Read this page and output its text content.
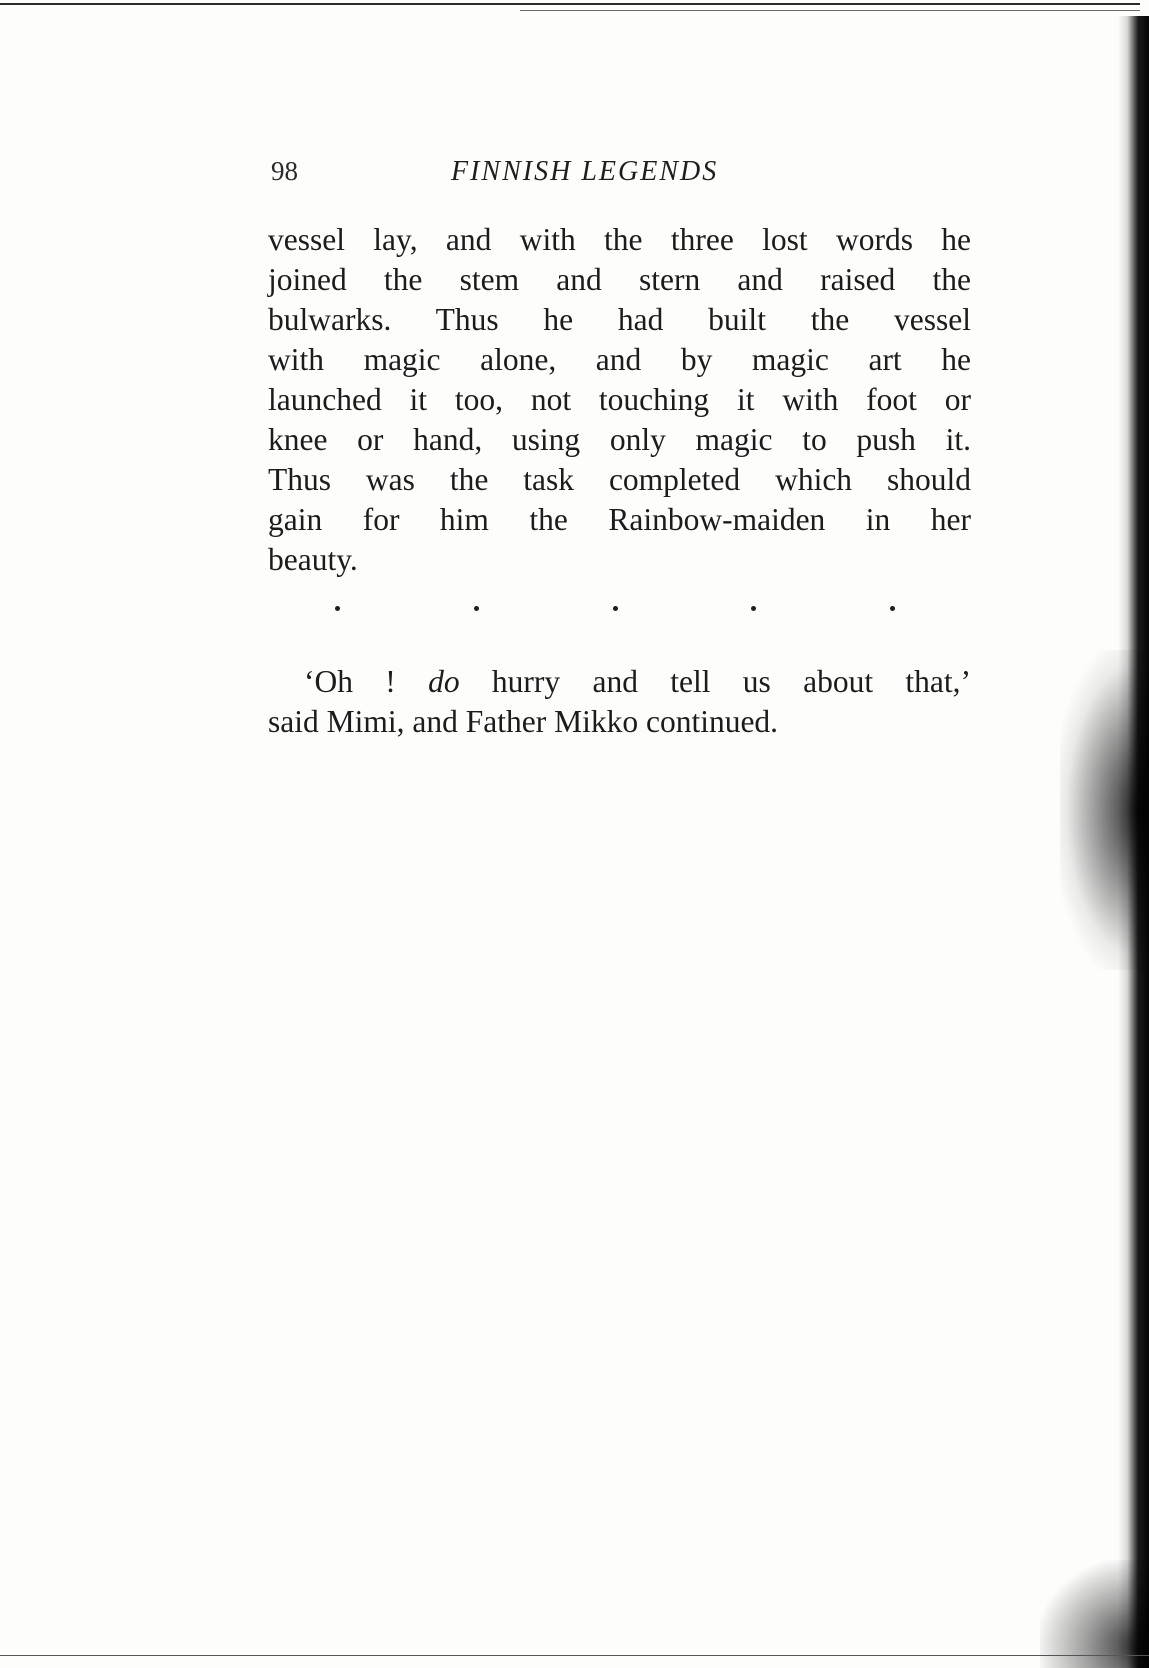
98	FINNISH LEGENDS
vessel lay, and with the three lost words he
joined the stem and stern and raised the
bulwarks. Thus he had built the vessel
with magic alone, and by magic art he
launched it too, not touching it with foot or
knee or hand, using only magic to push it.
Thus was the task completed which should
gain for him the Rainbow-maiden in her
beauty.
‘Oh ! do hurry and tell us about that,’
said Mimi, and Father Mikko continued.
